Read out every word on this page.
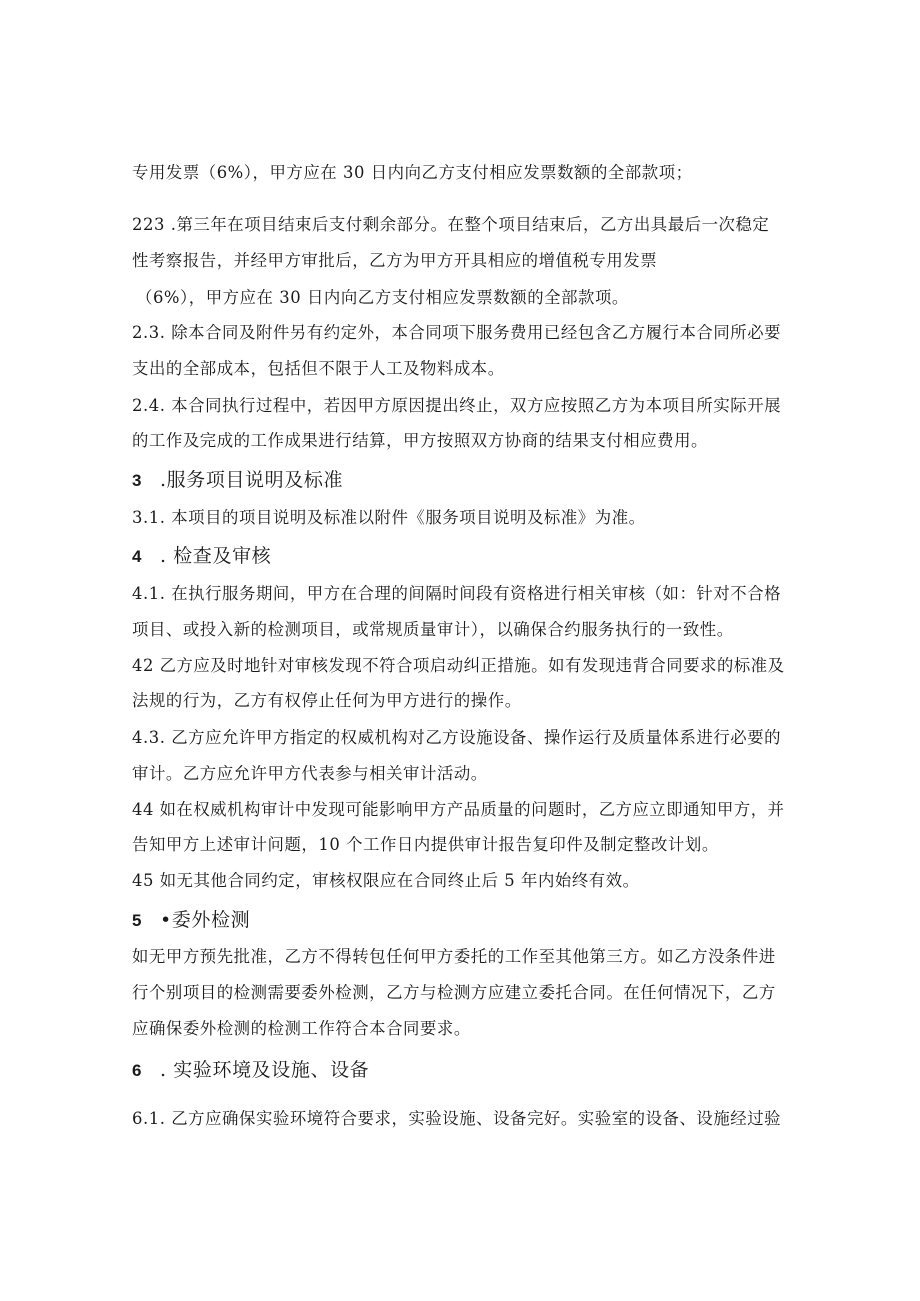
专用发票（6%），甲方应在 30 日内向乙方支付相应发票数额的全部款项；
223 .第三年在项目结束后支付剩余部分。在整个项目结束后，乙方出具最后一次稳定
性考察报告，并经甲方审批后，乙方为甲方开具相应的增值税专用发票
（6%），甲方应在 30 日内向乙方支付相应发票数额的全部款项。
2.3. 除本合同及附件另有约定外，本合同项下服务费用已经包含乙方履行本合同所必要
支出的全部成本，包括但不限于人工及物料成本。
2.4. 本合同执行过程中，若因甲方原因提出终止，双方应按照乙方为本项目所实际开展
的工作及完成的工作成果进行结算，甲方按照双方协商的结果支付相应费用。
3 .服务项目说明及标准
3.1. 本项目的项目说明及标准以附件《服务项目说明及标准》为准。
4 . 检查及审核
4.1. 在执行服务期间，甲方在合理的间隔时间段有资格进行相关审核（如：针对不合格
项目、或投入新的检测项目，或常规质量审计），以确保合约服务执行的一致性。
42 乙方应及时地针对审核发现不符合项启动纠正措施。如有发现违背合同要求的标准及
法规的行为，乙方有权停止任何为甲方进行的操作。
4.3. 乙方应允许甲方指定的权威机构对乙方设施设备、操作运行及质量体系进行必要的
审计。乙方应允许甲方代表参与相关审计活动。
44 如在权威机构审计中发现可能影响甲方产品质量的问题时，乙方应立即通知甲方，并
告知甲方上述审计问题，10 个工作日内提供审计报告复印件及制定整改计划。
45 如无其他合同约定，审核权限应在合同终止后 5 年内始终有效。
5 •委外检测
如无甲方预先批准，乙方不得转包任何甲方委托的工作至其他第三方。如乙方没条件进
行个别项目的检测需要委外检测，乙方与检测方应建立委托合同。在任何情况下，乙方
应确保委外检测的检测工作符合本合同要求。
6 . 实验环境及设施、设备
6.1. 乙方应确保实验环境符合要求，实验设施、设备完好。实验室的设备、设施经过验
